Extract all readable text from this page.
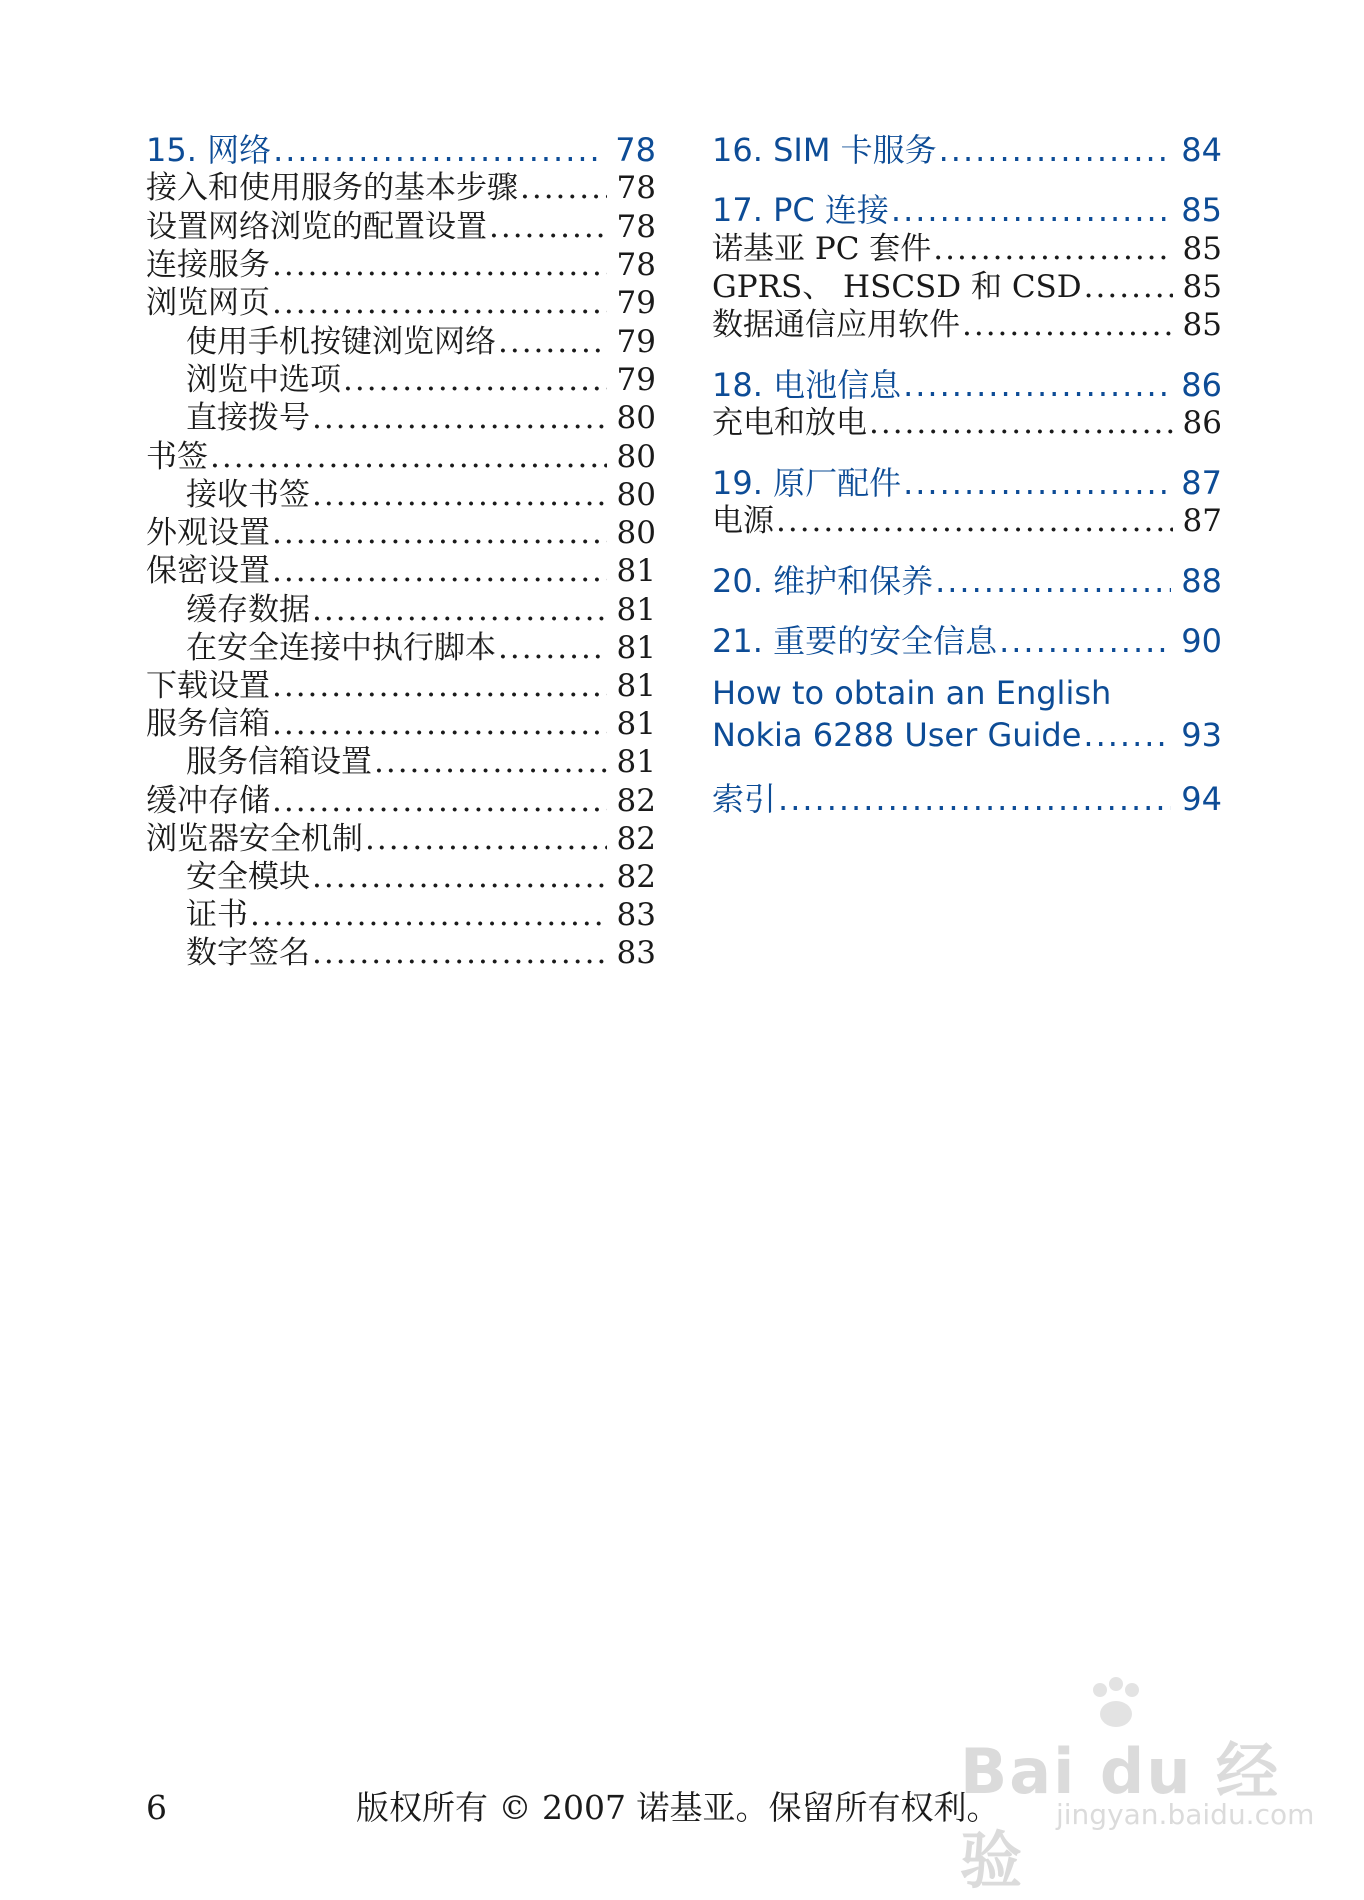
15. 网络 .....	78
接入和使用服务的基本步骤 .....	78
设置网络浏览的配置设置 .....	78
连接服务 .....	78
浏览网页 .....	79
使用手机按键浏览网络 .....	79
浏览中选项 .....	79
直接拨号 .....	80
书签 .....	80
接收书签 .....	80
外观设置 .....	80
保密设置 .....	81
缓存数据 .....	81
在安全连接中执行脚本 .....	81
下载设置 .....	81
服务信箱 .....	81
服务信箱设置 .....	81
缓冲存储 .....	82
浏览器安全机制 .....	82
安全模块 .....	82
证书 .....	83
数字签名 .....	83
16. SIM 卡服务 .....	84
17. PC 连接 .....	85
诺基亚 PC 套件 .....	85
GPRS、 HSCSD 和 CSD .....	85
数据通信应用软件 .....	85
18. 电池信息 .....	86
充电和放电 .....	86
19. 原厂配件 .....	87
电源 .....	87
20. 维护和保养 .....	88
21. 重要的安全信息 .....	90
How to obtain an English
Nokia 6288 User Guide .....	93
索引 .....	94
6	版权所有 © 2007 诺基亚。保留所有权利。
Bai du 经验
jingyan.baidu.com
